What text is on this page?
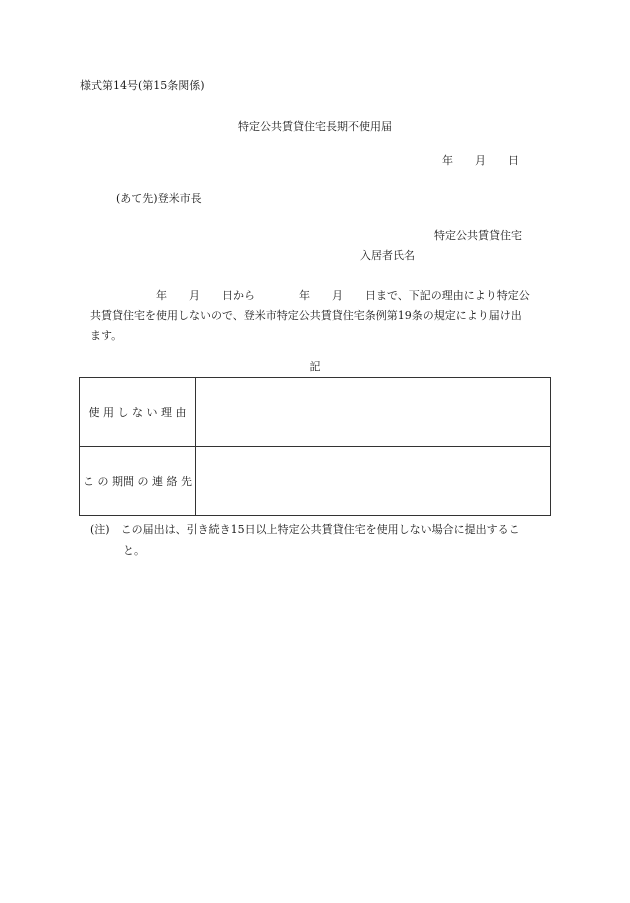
様式第14号(第15条関係)
特定公共賃貸住宅長期不使用届
年 月 日
(あて先)登米市長
特定公共賃貸住宅
入居者氏名
　　　　　　年　　月　　日から　　　　年　　月　　日まで、下記の理由により特定公
共賃貸住宅を使用しないので、登米市特定公共賃貸住宅条例第19条の規定により届け出
ます。
記
使 用 し な い 理 由	
こ の 期間 の 連 絡 先	
(注)　この届出は、引き続き15日以上特定公共賃貸住宅を使用しない場合に提出するこ
　　　と。
